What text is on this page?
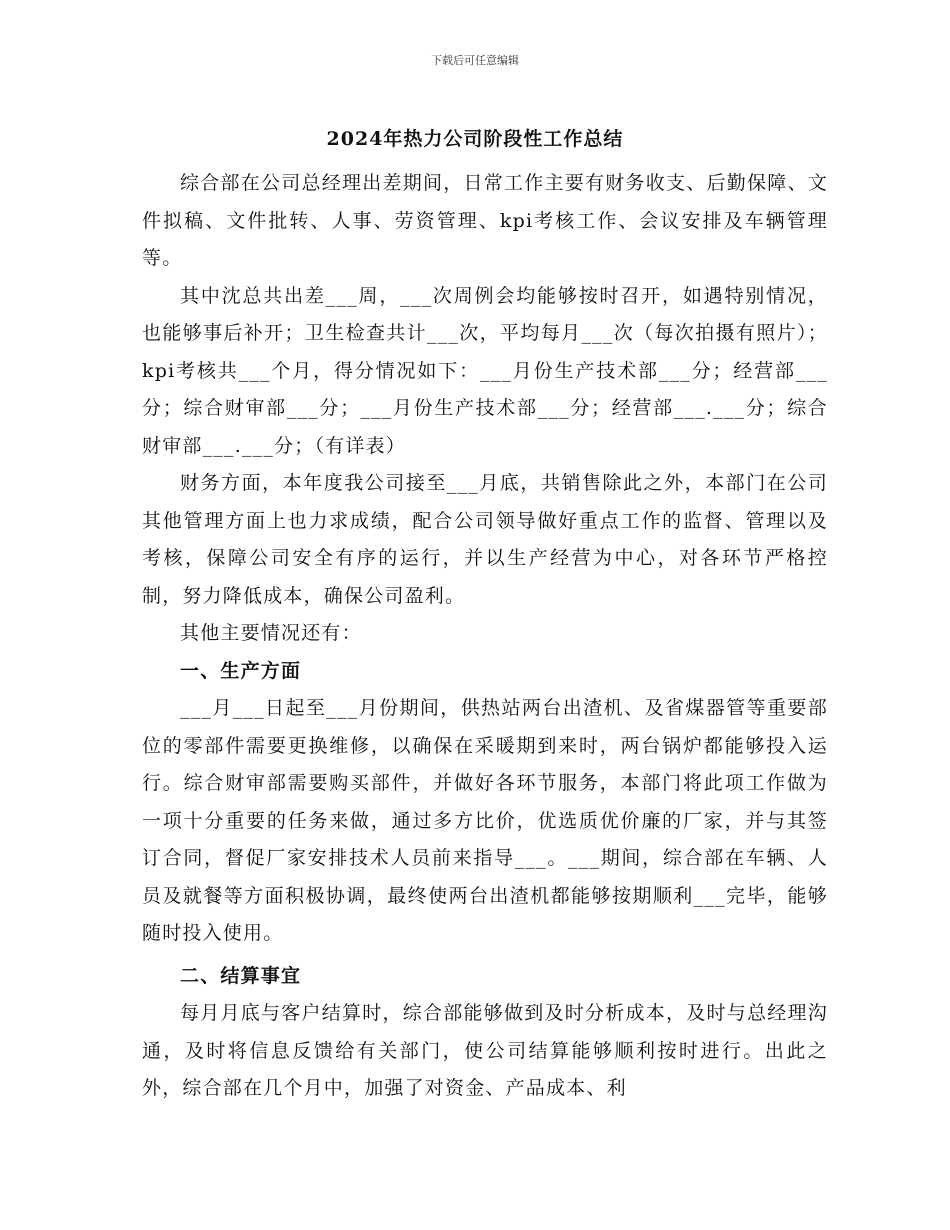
下载后可任意编辑
2024年热力公司阶段性工作总结

综合部在公司总经理出差期间，日常工作主要有财务收支、后勤保障、文件拟稿、文件批转、人事、劳资管理、kpi考核工作、会议安排及车辆管理等。

其中沈总共出差___周，___次周例会均能够按时召开，如遇特别情况，也能够事后补开；卫生检查共计___次，平均每月___次（每次拍摄有照片）；kpi考核共___个月，得分情况如下：___月份生产技术部___分；经营部___分；综合财审部___分；___月份生产技术部___分；经营部___.___分；综合财审部___.___分；（有详表）

财务方面，本年度我公司接至___月底，共销售除此之外，本部门在公司其他管理方面上也力求成绩，配合公司领导做好重点工作的监督、管理以及考核，保障公司安全有序的运行，并以生产经营为中心，对各环节严格控制，努力降低成本，确保公司盈利。

其他主要情况还有：

一、生产方面

___月___日起至___月份期间，供热站两台出渣机、及省煤器管等重要部位的零部件需要更换维修，以确保在采暖期到来时，两台锅炉都能够投入运行。综合财审部需要购买部件，并做好各环节服务，本部门将此项工作做为一项十分重要的任务来做，通过多方比价，优选质优价廉的厂家，并与其签订合同，督促厂家安排技术人员前来指导___。___期间，综合部在车辆、人员及就餐等方面积极协调，最终使两台出渣机都能够按期顺利___完毕，能够随时投入使用。

二、结算事宜

每月月底与客户结算时，综合部能够做到及时分析成本，及时与总经理沟通，及时将信息反馈给有关部门，使公司结算能够顺利按时进行。出此之外，综合部在几个月中，加强了对资金、产品成本、利
